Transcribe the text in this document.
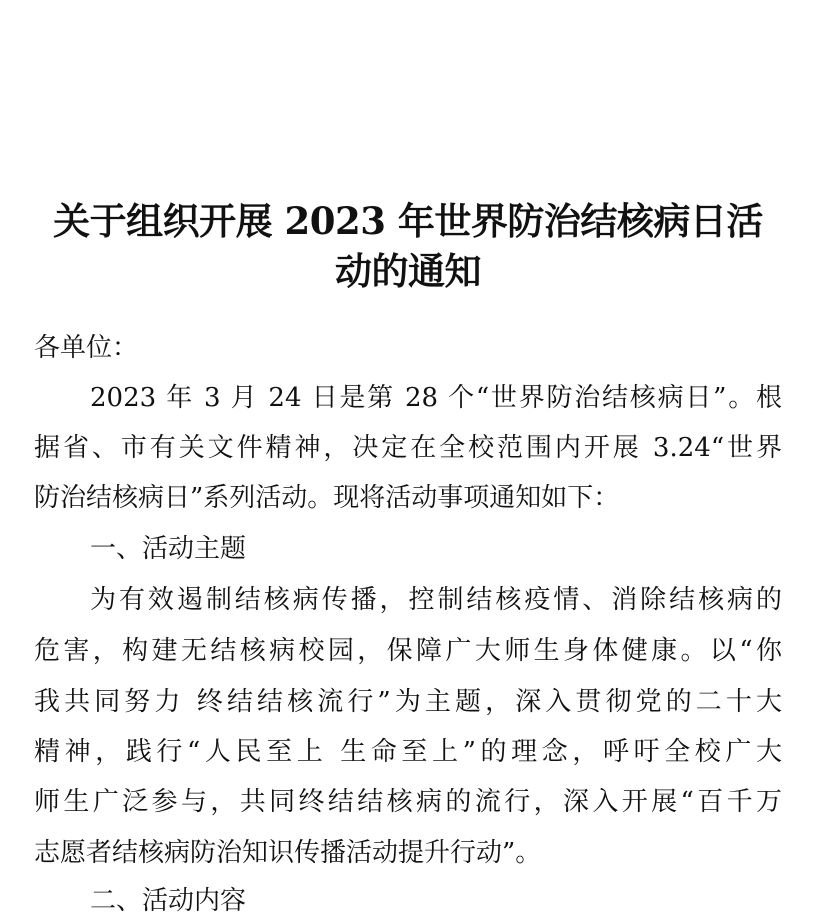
关于组织开展 2023 年世界防治结核病日活
动的通知

各单位：

2023 年 3 月 24 日是第 28 个“世界防治结核病日”。根

据省、市有关文件精神，决定在全校范围内开展 3.24“世界

防治结核病日”系列活动。现将活动事项通知如下：

一、活动主题

为有效遏制结核病传播，控制结核疫情、消除结核病的

危害，构建无结核病校园，保障广大师生身体健康。以“你

我共同努力 终结结核流行”为主题，深入贯彻党的二十大

精神，践行“人民至上 生命至上”的理念，呼吁全校广大

师生广泛参与，共同终结结核病的流行，深入开展“百千万

志愿者结核病防治知识传播活动提升行动”。

二、活动内容
